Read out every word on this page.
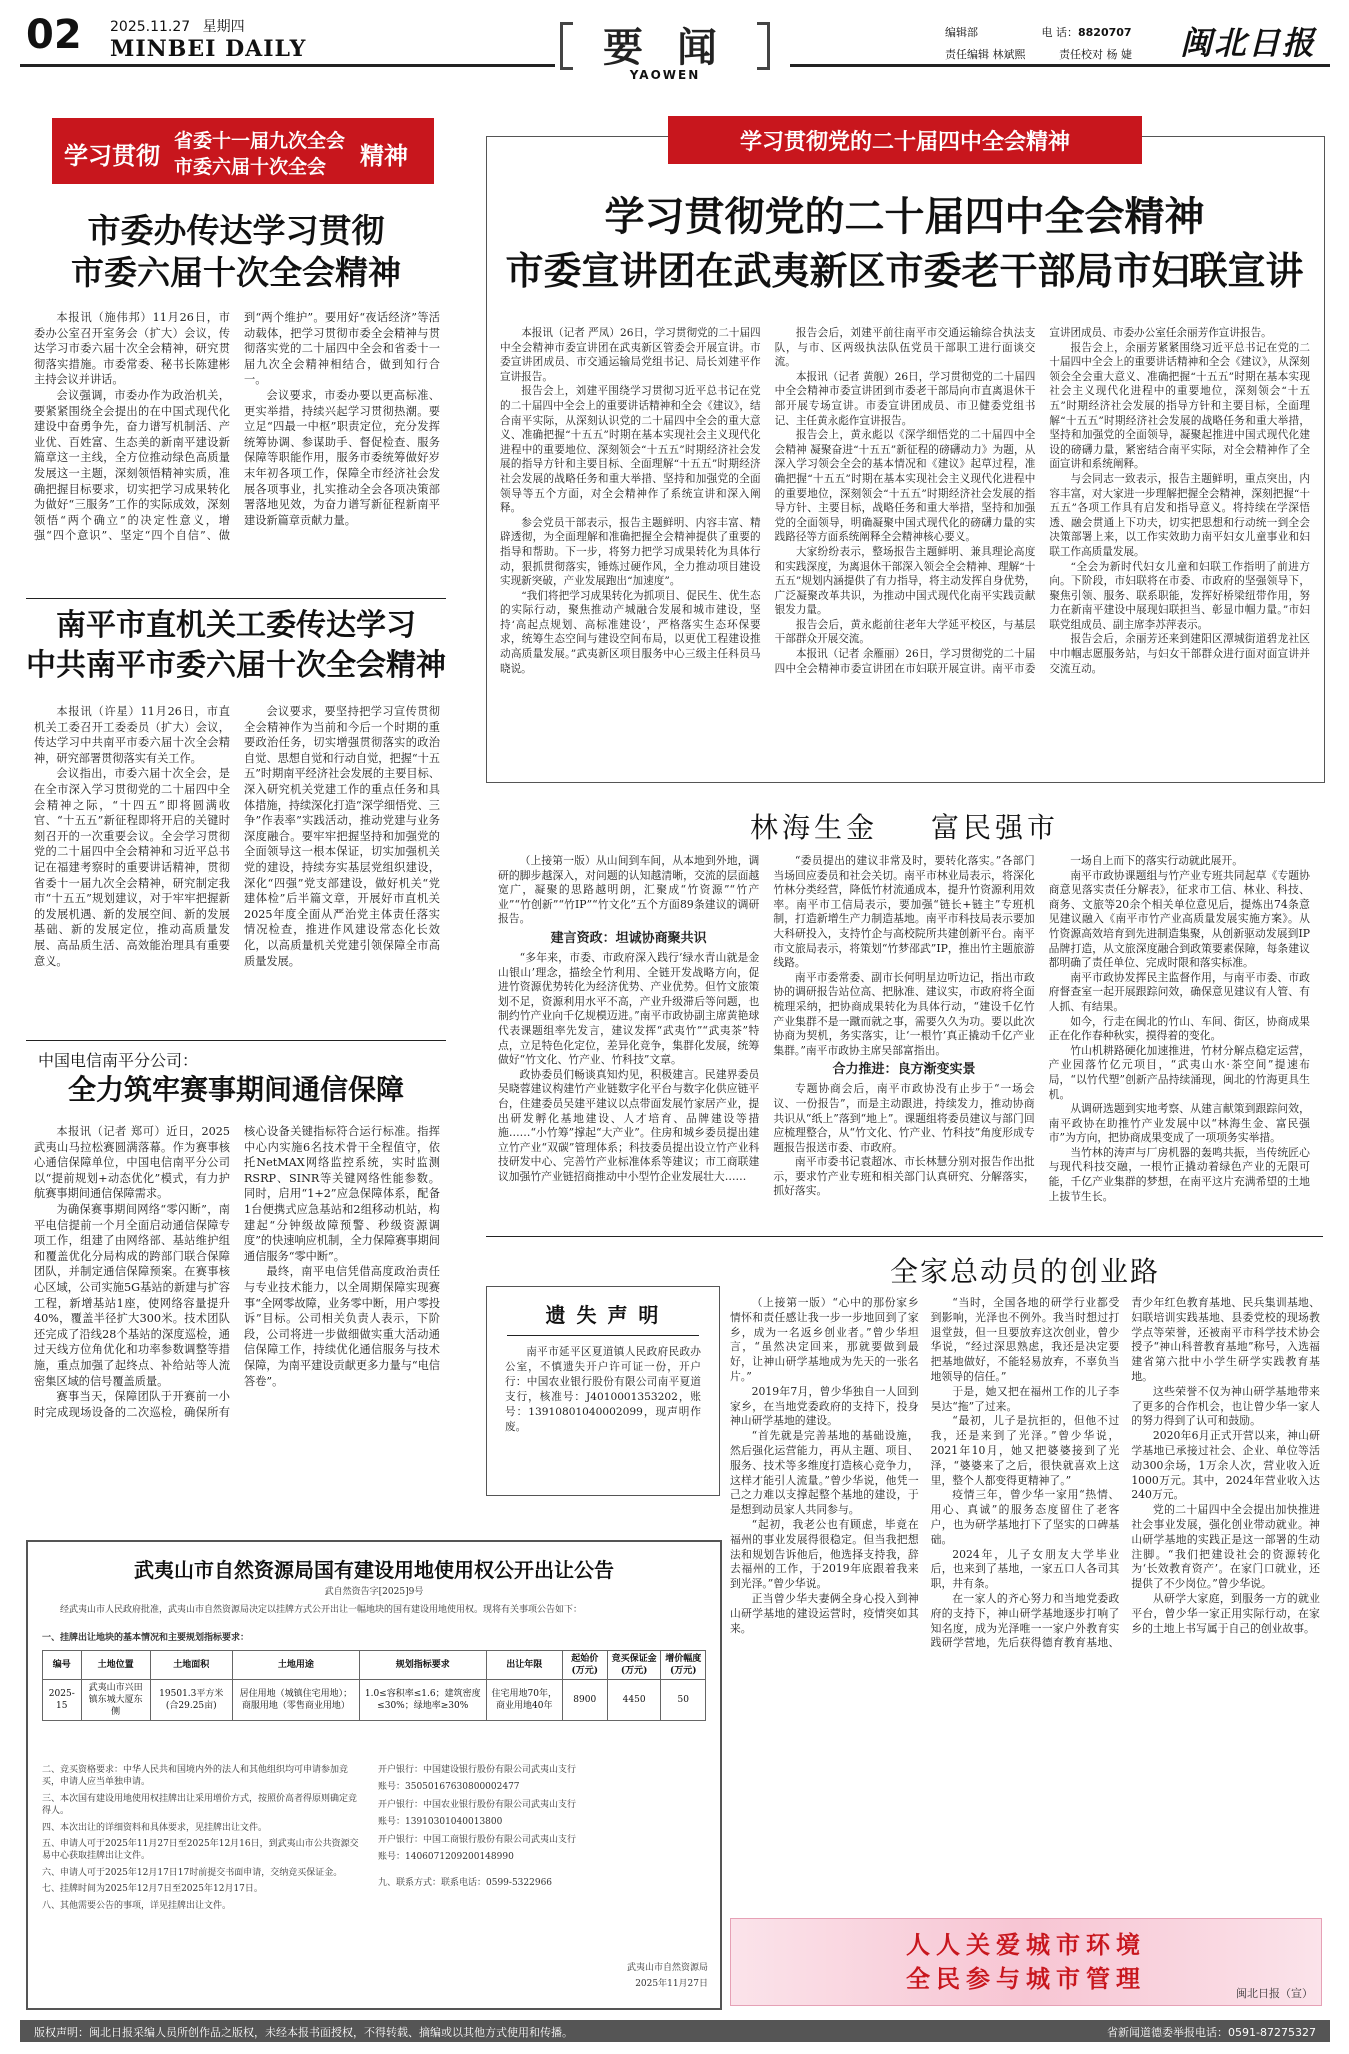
02 2025.11.27 星期四
MINBEI DAILY	要 闻
YAOWEN
编辑部	电 话：8820707
责任编辑 林斌熙	责任校对 杨 婕	闽北日报
学习贯彻
省委十一届九次全会
市委六届十次全会 精神
市委办传达学习贯彻
市委六届十次全会精神

本报讯（施伟邦）11月26日，市委办公室召开室务会（扩大）会议，传达学习市委六届十次全会精神，研究贯彻落实措施。市委常委、秘书长陈建彬主持会议并讲话。

会议强调，市委办作为政治机关，要紧紧围绕全会提出的在中国式现代化建设中奋勇争先，奋力谱写机制活、产业优、百姓富、生态美的新南平建设新篇章这一主线，全方位推动绿色高质量发展这一主题，深刻领悟精神实质，准确把握目标要求，切实把学习成果转化为做好“三服务”工作的实际成效，深刻领悟“两个确立”的决定性意义，增强“四个意识”、坚定“四个自信”、做到“两个维护”。要用好“夜话经济”等活动载体，把学习贯彻市委全会精神与贯彻落实党的二十届四中全会和省委十一届九次全会精神相结合，做到知行合一。

会议要求，市委办要以更高标准、更实举措，持续兴起学习贯彻热潮。要立足“四最一中枢”职责定位，充分发挥统筹协调、参谋助手、督促检查、服务保障等职能作用，服务市委统筹做好岁末年初各项工作，保障全市经济社会发展各项事业，扎实推动全会各项决策部署落地见效，为奋力谱写新征程新南平建设新篇章贡献力量。

南平市直机关工委传达学习
中共南平市委六届十次全会精神

本报讯（许星）11月26日，市直机关工委召开工委委员（扩大）会议，传达学习中共南平市委六届十次全会精神，研究部署贯彻落实有关工作。

会议指出，市委六届十次全会，是在全市深入学习贯彻党的二十届四中全会精神之际，“十四五”即将圆满收官、“十五五”新征程即将开启的关键时刻召开的一次重要会议。全会学习贯彻党的二十届四中全会精神和习近平总书记在福建考察时的重要讲话精神，贯彻省委十一届九次全会精神，研究制定我市“十五五”规划建议，对于牢牢把握新的发展机遇、新的发展空间、新的发展基础、新的发展定位，推动高质量发展、高品质生活、高效能治理具有重要意义。

会议要求，要坚持把学习宣传贯彻全会精神作为当前和今后一个时期的重要政治任务，切实增强贯彻落实的政治自觉、思想自觉和行动自觉，把握“十五五”时期南平经济社会发展的主要目标、深入研究机关党建工作的重点任务和具体措施，持续深化打造“深学细悟党、三争”作表率”实践活动，推动党建与业务深度融合。要牢牢把握坚持和加强党的全面领导这一根本保证，切实加强机关党的建设，持续夯实基层党组织建设，深化“四强”党支部建设，做好机关“党建体检”后半篇文章，开展好市直机关2025年度全面从严治党主体责任落实情况检查，推进作风建设常态化长效化，以高质量机关党建引领保障全市高质量发展。

中国电信南平分公司：
全力筑牢赛事期间通信保障

本报讯（记者 郑可）近日，2025武夷山马拉松赛圆满落幕。作为赛事核心通信保障单位，中国电信南平分公司以“提前规划+动态优化”模式，有力护航赛事期间通信保障需求。

为确保赛事期间网络“零闪断”，南平电信提前一个月全面启动通信保障专项工作，组建了由网络部、基站维护组和覆盖优化分局构成的跨部门联合保障团队，并制定通信保障预案。在赛事核心区域，公司实施5G基站的新建与扩容工程，新增基站1座，使网络容量提升40%，覆盖半径扩大300米。技术团队还完成了沿线28个基站的深度巡检，通过天线方位角优化和功率参数调整等措施，重点加强了起终点、补给站等人流密集区域的信号覆盖质量。

赛事当天，保障团队于开赛前一小时完成现场设备的二次巡检，确保所有核心设备关键指标符合运行标准。指挥中心内实施6名技术骨干全程值守，依托NetMAX网络监控系统，实时监测RSRP、SINR等关键网络性能参数。同时，启用“1+2”应急保障体系，配备1台便携式应急基站和2组移动机站，构建起“分钟级故障预警、秒级资源调度”的快速响应机制，全力保障赛事期间通信服务“零中断”。

最终，南平电信凭借高度政治责任与专业技术能力，以全周期保障实现赛事“全网零故障，业务零中断，用户零投诉”目标。公司相关负责人表示，下阶段，公司将进一步做细做实重大活动通信保障工作，持续优化通信服务与技术保障，为南平建设贡献更多力量与“电信答卷”。

学习贯彻党的二十届四中全会精神
学习贯彻党的二十届四中全会精神
市委宣讲团在武夷新区市委老干部局市妇联宣讲

本报讯（记者 严凤）26日，学习贯彻党的二十届四中全会精神市委宣讲团在武夷新区管委会开展宣讲。市委宣讲团成员、市交通运输局党组书记、局长刘建平作宣讲报告。

报告会上，刘建平围绕学习贯彻习近平总书记在党的二十届四中全会上的重要讲话精神和全会《建议》，结合南平实际，从深刻认识党的二十届四中全会的重大意义、准确把握“十五五”时期在基本实现社会主义现代化进程中的重要地位、深刻领会“十五五”时期经济社会发展的指导方针和主要目标、全面理解“十五五”时期经济社会发展的战略任务和重大举措、坚持和加强党的全面领导等五个方面，对全会精神作了系统宣讲和深入阐释。

参会党员干部表示，报告主题鲜明、内容丰富、精辟透彻，为全面理解和准确把握全会精神提供了重要的指导和帮助。下一步，将努力把学习成果转化为具体行动，狠抓贯彻落实，锤炼过硬作风，全力推动项目建设实现新突破，产业发展跑出“加速度”。

“我们将把学习成果转化为抓项目、促民生、优生态的实际行动，聚焦推动产城融合发展和城市建设，坚持‘高起点规划、高标准建设’，严格落实生态环保要求，统筹生态空间与建设空间布局，以更优工程建设推动高质量发展。”武夷新区项目服务中心三级主任科员马晓说。

报告会后，刘建平前往南平市交通运输综合执法支队，与市、区两级执法队伍党员干部职工进行面谈交流。

本报讯（记者 黄舰）26日，学习贯彻党的二十届四中全会精神市委宣讲团到市委老干部局向市直离退休干部开展专场宣讲。市委宣讲团成员、市卫健委党组书记、主任黄永彪作宣讲报告。

报告会上，黄永彪以《深学细悟党的二十届四中全会精神 凝聚奋进“十五五”新征程的磅礴动力》为题，从深入学习领会全会的基本情况和《建议》起草过程，准确把握“十五五”时期在基本实现社会主义现代化进程中的重要地位，深刻领会“十五五”时期经济社会发展的指导方针、主要目标，战略任务和重大举措，坚持和加强党的全面领导，明确凝聚中国式现代化的磅礴力量的实践路径等方面系统阐释全会精神核心要义。

大家纷纷表示，整场报告主题鲜明、兼具理论高度和实践深度，为离退休干部深入领会全会精神、理解“十五五”规划内涵提供了有力指导，将主动发挥自身优势，广泛凝聚改革共识，为推动中国式现代化南平实践贡献银发力量。

报告会后，黄永彪前往老年大学延平校区，与基层干部群众开展交流。

本报讯（记者 余雁丽）26日，学习贯彻党的二十届四中全会精神市委宣讲团在市妇联开展宣讲。南平市委宣讲团成员、市委办公室任余丽芳作宣讲报告。

报告会上，余丽芳紧紧围绕习近平总书记在党的二十届四中全会上的重要讲话精神和全会《建议》，从深刻领会全会重大意义、准确把握“十五五”时期在基本实现社会主义现代化进程中的重要地位，深刻领会“十五五”时期经济社会发展的指导方针和主要目标，全面理解“十五五”时期经济社会发展的战略任务和重大举措，坚持和加强党的全面领导，凝聚起推进中国式现代化建设的磅礴力量，紧密结合南平实际，对全会精神作了全面宣讲和系统阐释。

与会同志一致表示，报告主题鲜明，重点突出，内容丰富，对大家进一步理解把握全会精神，深刻把握“十五五”各项工作具有启发和指导意义。将持续在学深悟透、融会贯通上下功夫，切实把思想和行动统一到全会决策部署上来，以工作实效助力南平妇女儿童事业和妇联工作高质量发展。

“全会为新时代妇女儿童和妇联工作指明了前进方向。下阶段，市妇联将在市委、市政府的坚强领导下，聚焦引领、服务、联系职能，发挥好桥梁纽带作用，努力在新南平建设中展现妇联担当、彰显巾帼力量。”市妇联党组成员、副主席李苏萍表示。

报告会后，余丽芳还来到建阳区潭城街道碧龙社区中巾帼志愿服务站，与妇女干部群众进行面对面宣讲并交流互动。

林海生金 富民强市

（上接第一版）从山间到车间，从本地到外地，调研的脚步越深入，对问题的认知越清晰，交流的层面越宽广，凝聚的思路越明朗，汇聚成“竹资源”“竹产业”“竹创新”“竹IP”“竹文化”五个方面89条建议的调研报告。

建言资政：坦诚协商聚共识

“多年来，市委、市政府深入践行‘绿水青山就是金山银山’理念，描绘全竹利用、全链开发战略方向，促进竹资源优势转化为经济优势、产业优势。但竹文旅策划不足，资源利用水平不高，产业升级滞后等问题，也制约竹产业向千亿规模迈进。”南平市政协副主席黄艳球代表课题组率先发言，建议发挥“武夷竹”“武夷茶”特点，立足特色化定位，差异化竞争，集群化发展，统筹做好“竹文化、竹产业、竹科技”文章。

政协委员们畅谈真知灼见，积极建言。民建界委员吴晓蓉建议构建竹产业链数字化平台与数字化供应链平台，住建委员吴建平建议以点带面发展竹家居产业，提出研发孵化基地建设、人才培育、品牌建设等措施……“小竹筹”撑起“大产业”。住房和城乡委员提出建立竹产业“双碳”管理体系；科技委员提出设立竹产业科技研发中心、完善竹产业标准体系等建议；市工商联建议加强竹产业链招商推动中小型竹企业发展壮大……

“委员提出的建议非常及时，要转化落实。”各部门当场回应委员和社会关切。南平市林业局表示，将深化竹林分类经营，降低竹材流通成本，提升竹资源利用效率。南平市工信局表示，要加强“链长+链主”专班机制，打造新增生产力制造基地。南平市科技局表示要加大科研投入，支持竹企与高校院所共建创新平台。南平市文旅局表示，将策划“竹梦邵武”IP，推出竹主题旅游线路。

南平市委常委、副市长何明星边听边记，指出市政协的调研报告站位高、把脉准、建议实，市政府将全面梳理采纳，把协商成果转化为具体行动，“建设千亿竹产业集群不是一蹴而就之事，需要久久为功。要以此次协商为契机，务实落实，让‘一根竹’真正撬动千亿产业集群。”南平市政协主席吴部富指出。

合力推进：良方渐变实景

专题协商会后，南平市政协没有止步于“一场会议、一份报告”，而是主动跟进，持续发力，推动协商共识从“纸上”落到“地上”。课题组将委员建议与部门回应梳理整合，从“竹文化、竹产业、竹科技”角度形成专题报告报送市委、市政府。

南平市委书记袁超冰、市长林慧分别对报告作出批示，要求竹产业专班和相关部门认真研究、分解落实，抓好落实。

一场自上而下的落实行动就此展开。

南平市政协课题组与竹产业专班共同起草《专题协商意见落实责任分解表》，征求市工信、林业、科技、商务、文旅等20余个相关单位意见后，提炼出74条意见建议融入《南平市竹产业高质量发展实施方案》。从竹资源高效培育到先进制造集聚，从创新驱动发展到IP品牌打造，从文旅深度融合到政策要素保障，每条建议都明确了责任单位、完成时限和落实标准。

南平市政协发挥民主监督作用，与南平市委、市政府督查室一起开展跟踪问效，确保意见建议有人管、有人抓、有结果。

如今，行走在闽北的竹山、车间、街区，协商成果正在化作春种秋实，摸得着的变化。

竹山机耕路硬化加速推进，竹材分解点稳定运营，产业园落竹亿元项目，“武夷山水·茶空间”提速布局，“以竹代塑”创新产品持续涌现，闽北的竹海更具生机。

从调研选题到实地考察、从建言献策到跟踪问效，南平政协在助推竹产业发展中以“林海生金、富民强市”为方向，把协商成果变成了一项项务实举措。

当竹林的涛声与厂房机器的轰鸣共振，当传统匠心与现代科技交融，一根竹正撬动着绿色产业的无限可能，千亿产业集群的梦想，在南平这片充满希望的土地上拔节生长。

遗 失 声 明
南平市延平区夏道镇人民政府民政办公室，不慎遗失开户许可证一份，开户行：中国农业银行股份有限公司南平夏道支行，核准号：J4010001353202，账号：13910801040002099，现声明作废。
全家总动员的创业路

（上接第一版）“心中的那份家乡情怀和责任感让我一步一步地回到了家乡，成为一名返乡创业者。”曾少华坦言，“虽然决定回来，那就要做到最好，让神山研学基地成为先天的一张名片。”

2019年7月，曾少华独自一人回到家乡，在当地党委政府的支持下，投身神山研学基地的建设。

“首先就是完善基地的基础设施，然后强化运营能力，再从主题、项目、服务、技术等多维度打造核心竞争力，这样才能引人流量。”曾少华说，他凭一己之力难以支撑起整个基地的建设，于是想到动员家人共同参与。

“起初，我老公也有顾虑，毕竟在福州的事业发展得很稳定。但当我把想法和规划告诉他后，他选择支持我，辞去福州的工作，于2019年底跟着我来到光泽。”曾少华说。

正当曾少华夫妻俩全身心投入到神山研学基地的建设运营时，疫情突如其来。

“当时，全国各地的研学行业都受到影响，光泽也不例外。我当时想过打退堂鼓，但一旦要放弃这次创业，曾少华说，“经过深思熟虑，我还是决定要把基地做好，不能轻易放弃，不辜负当地领导的信任。”

于是，她又把在福州工作的儿子李昊达“拖”了过来。

“最初，儿子是抗拒的，但他不过我，还是来到了光泽。”曾少华说，2021年10月，她又把婆婆接到了光泽，“婆婆来了之后，很快就喜欢上这里，整个人都变得更精神了。”

疫情三年，曾少华一家用“热情、用心、真诚”的服务态度留住了老客户，也为研学基地打下了坚实的口碑基础。

2024年，儿子女朋友大学毕业后，也来到了基地，一家五口人各司其职，井有条。

在一家人的齐心努力和当地党委政府的支持下，神山研学基地逐步打响了知名度，成为光泽唯一一家户外教育实践研学营地，先后获得德育教育基地、青少年红色教育基地、民兵集训基地、妇联培训实践基地、县委党校的现场教学点等荣誉，还被南平市科学技术协会授予“神山科普教育基地”称号，入选福建省第六批中小学生研学实践教育基地。

这些荣誉不仅为神山研学基地带来了更多的合作机会，也让曾少华一家人的努力得到了认可和鼓励。

2020年6月正式开营以来，神山研学基地已承接过社会、企业、单位等活动300余场，1万余人次，营业收入近1000万元。其中，2024年营业收入达240万元。

党的二十届四中全会提出加快推进社会事业发展，强化创业带动就业。神山研学基地的实践正是这一部署的生动注脚。“我们把建设社会的资源转化为‘长效教育资产’。在家门口就业，还提供了不少岗位。”曾少华说。

从研学大家庭，到服务一方的就业平台，曾少华一家正用实际行动，在家乡的土地上书写属于自己的创业故事。

武夷山市自然资源局国有建设用地使用权公开出让公告
武自然资告字[2025]9号
经武夷山市人民政府批准，武夷山市自然资源局决定以挂牌方式公开出让一幅地块的国有建设用地使用权。现将有关事项公告如下：
一、挂牌出让地块的基本情况和主要规划指标要求：
编号	土地位置	土地面积	土地用途	规划指标要求	出让年限	起始价(万元)	竞买保证金(万元)	增价幅度(万元)
2025-15	武夷山市兴田镇东城大厦东侧	19501.3平方米(合29.25亩)	居住用地（城镇住宅用地）；商服用地（零售商业用地）	1.0≤容积率≤1.6；建筑密度≤30%；绿地率≥30%	住宅用地70年，商业用地40年	8900	4450	50
二、竞买资格要求：中华人民共和国境内外的法人和其他组织均可申请参加竞买，申请人应当单独申请。
三、本次国有建设用地使用权挂牌出让采用增价方式，按照价高者得原则确定竞得人。
四、本次出让的详细资料和具体要求，见挂牌出让文件。
五、申请人可于2025年11月27日至2025年12月16日，到武夷山市公共资源交易中心获取挂牌出让文件。
六、申请人可于2025年12月17日17时前提交书面申请，交纳竞买保证金。
七、挂牌时间为2025年12月7日至2025年12月17日。
八、其他需要公告的事项，详见挂牌出让文件。
开户银行：中国建设银行股份有限公司武夷山支行
账号：35050167630800002477
开户银行：中国农业银行股份有限公司武夷山支行
账号：13910301040013800
开户银行：中国工商银行股份有限公司武夷山支行
账号：1406071209200148990
九、联系方式：联系电话：0599-5322966
武夷山市自然资源局
2025年11月27日
人人关爱城市环境
全民参与城市管理
闽北日报（宣）
版权声明：闽北日报采编人员所创作品之版权，未经本报书面授权，不得转载、摘编或以其他方式使用和传播。	省新闻道德委举报电话：0591-87275327
